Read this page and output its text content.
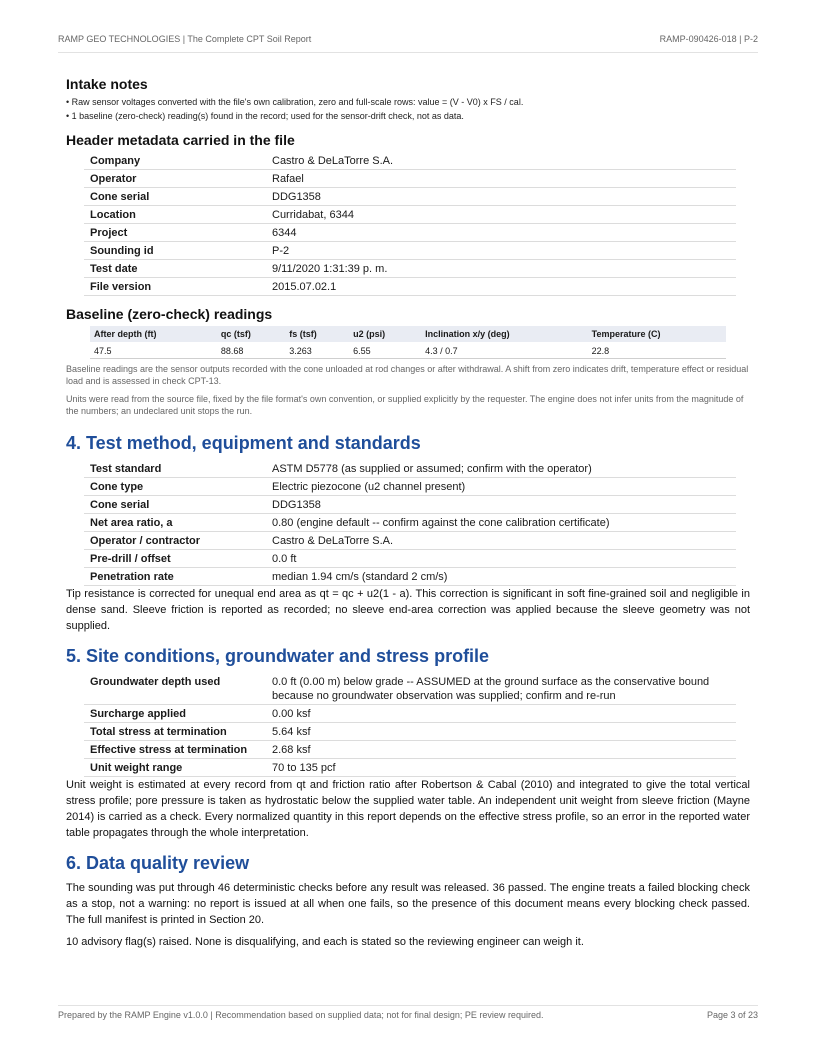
RAMP GEO TECHNOLOGIES | The Complete CPT Soil Report	RAMP-090426-018 | P-2
Intake notes

• Raw sensor voltages converted with the file's own calibration, zero and full-scale rows: value = (V - V0) x FS / cal.

• 1 baseline (zero-check) reading(s) found in the record; used for the sensor-drift check, not as data.

Header metadata carried in the file
Company	Castro & DeLaTorre S.A.
Operator	Rafael
Cone serial	DDG1358
Location	Curridabat, 6344
Project	6344
Sounding id	P-2
Test date	9/11/2020 1:31:39 p. m.
File version	2015.07.02.1
Baseline (zero-check) readings
After depth (ft)	qc (tsf)	fs (tsf)	u2 (psi)	Inclination x/y (deg)	Temperature (C)
47.5	88.68	3.263	6.55	4.3 / 0.7	22.8

Baseline readings are the sensor outputs recorded with the cone unloaded at rod changes or after withdrawal. A shift from zero indicates drift, temperature effect or residual load and is assessed in check CPT-13.

Units were read from the source file, fixed by the file format's own convention, or supplied explicitly by the requester. The engine does not infer units from the magnitude of the numbers; an undeclared unit stops the run.

4. Test method, equipment and standards
Test standard	ASTM D5778 (as supplied or assumed; confirm with the operator)
Cone type	Electric piezocone (u2 channel present)
Cone serial	DDG1358
Net area ratio, a	0.80 (engine default -- confirm against the cone calibration certificate)
Operator / contractor	Castro & DeLaTorre S.A.
Pre-drill / offset	0.0 ft
Penetration rate	median 1.94 cm/s (standard 2 cm/s)

Tip resistance is corrected for unequal end area as qt = qc + u2(1 - a). This correction is significant in soft fine-grained soil and negligible in dense sand. Sleeve friction is reported as recorded; no sleeve end-area correction was applied because the sleeve geometry was not supplied.

5. Site conditions, groundwater and stress profile
Groundwater depth used	0.0 ft (0.00 m) below grade -- ASSUMED at the ground surface as the conservative bound because no groundwater observation was supplied; confirm and re-run
Surcharge applied	0.00 ksf
Total stress at termination	5.64 ksf
Effective stress at termination	2.68 ksf
Unit weight range	70 to 135 pcf

Unit weight is estimated at every record from qt and friction ratio after Robertson & Cabal (2010) and integrated to give the total vertical stress profile; pore pressure is taken as hydrostatic below the supplied water table. An independent unit weight from sleeve friction (Mayne 2014) is carried as a check. Every normalized quantity in this report depends on the effective stress profile, so an error in the reported water table propagates through the whole interpretation.

6. Data quality review

The sounding was put through 46 deterministic checks before any result was released. 36 passed. The engine treats a failed blocking check as a stop, not a warning: no report is issued at all when one fails, so the presence of this document means every blocking check passed. The full manifest is printed in Section 20.

10 advisory flag(s) raised. None is disqualifying, and each is stated so the reviewing engineer can weigh it.

Prepared by the RAMP Engine v1.0.0 | Recommendation based on supplied data; not for final design; PE review required.	Page 3 of 23
